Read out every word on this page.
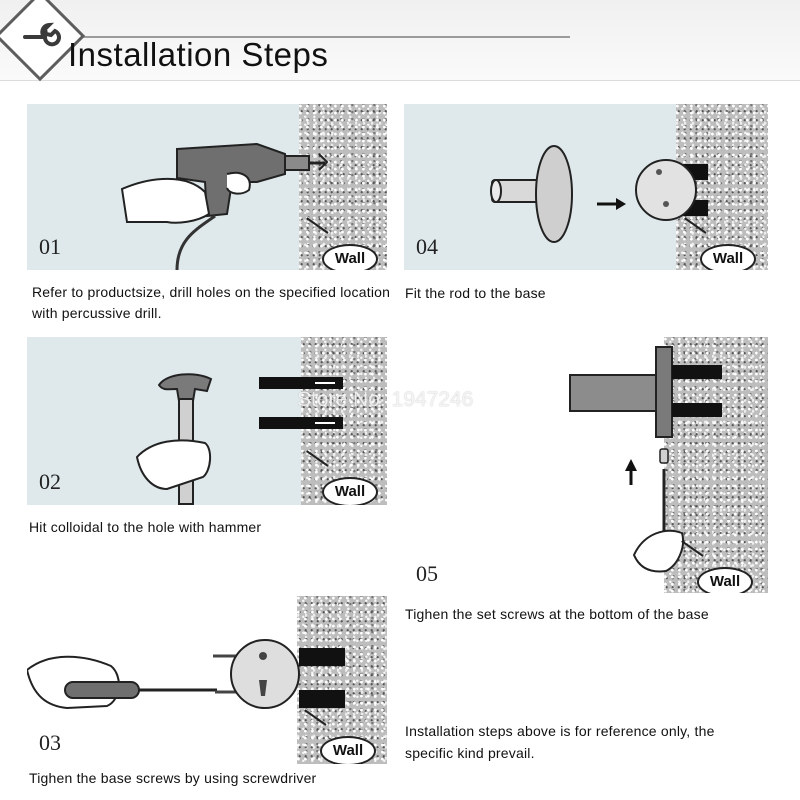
Installation Steps
01	Wall
Refer to productsize, drill holes on the specified location with percussive drill.
04	Wall
Fit the rod to the base
02	Wall
Hit colloidal to the hole with hammer
05	Wall
Tighen the set screws at the bottom of the base
03	Wall
Tighen the base screws by using screwdriver
Installation steps above is for reference only, the specific kind prevail.
Store No: 1947246
